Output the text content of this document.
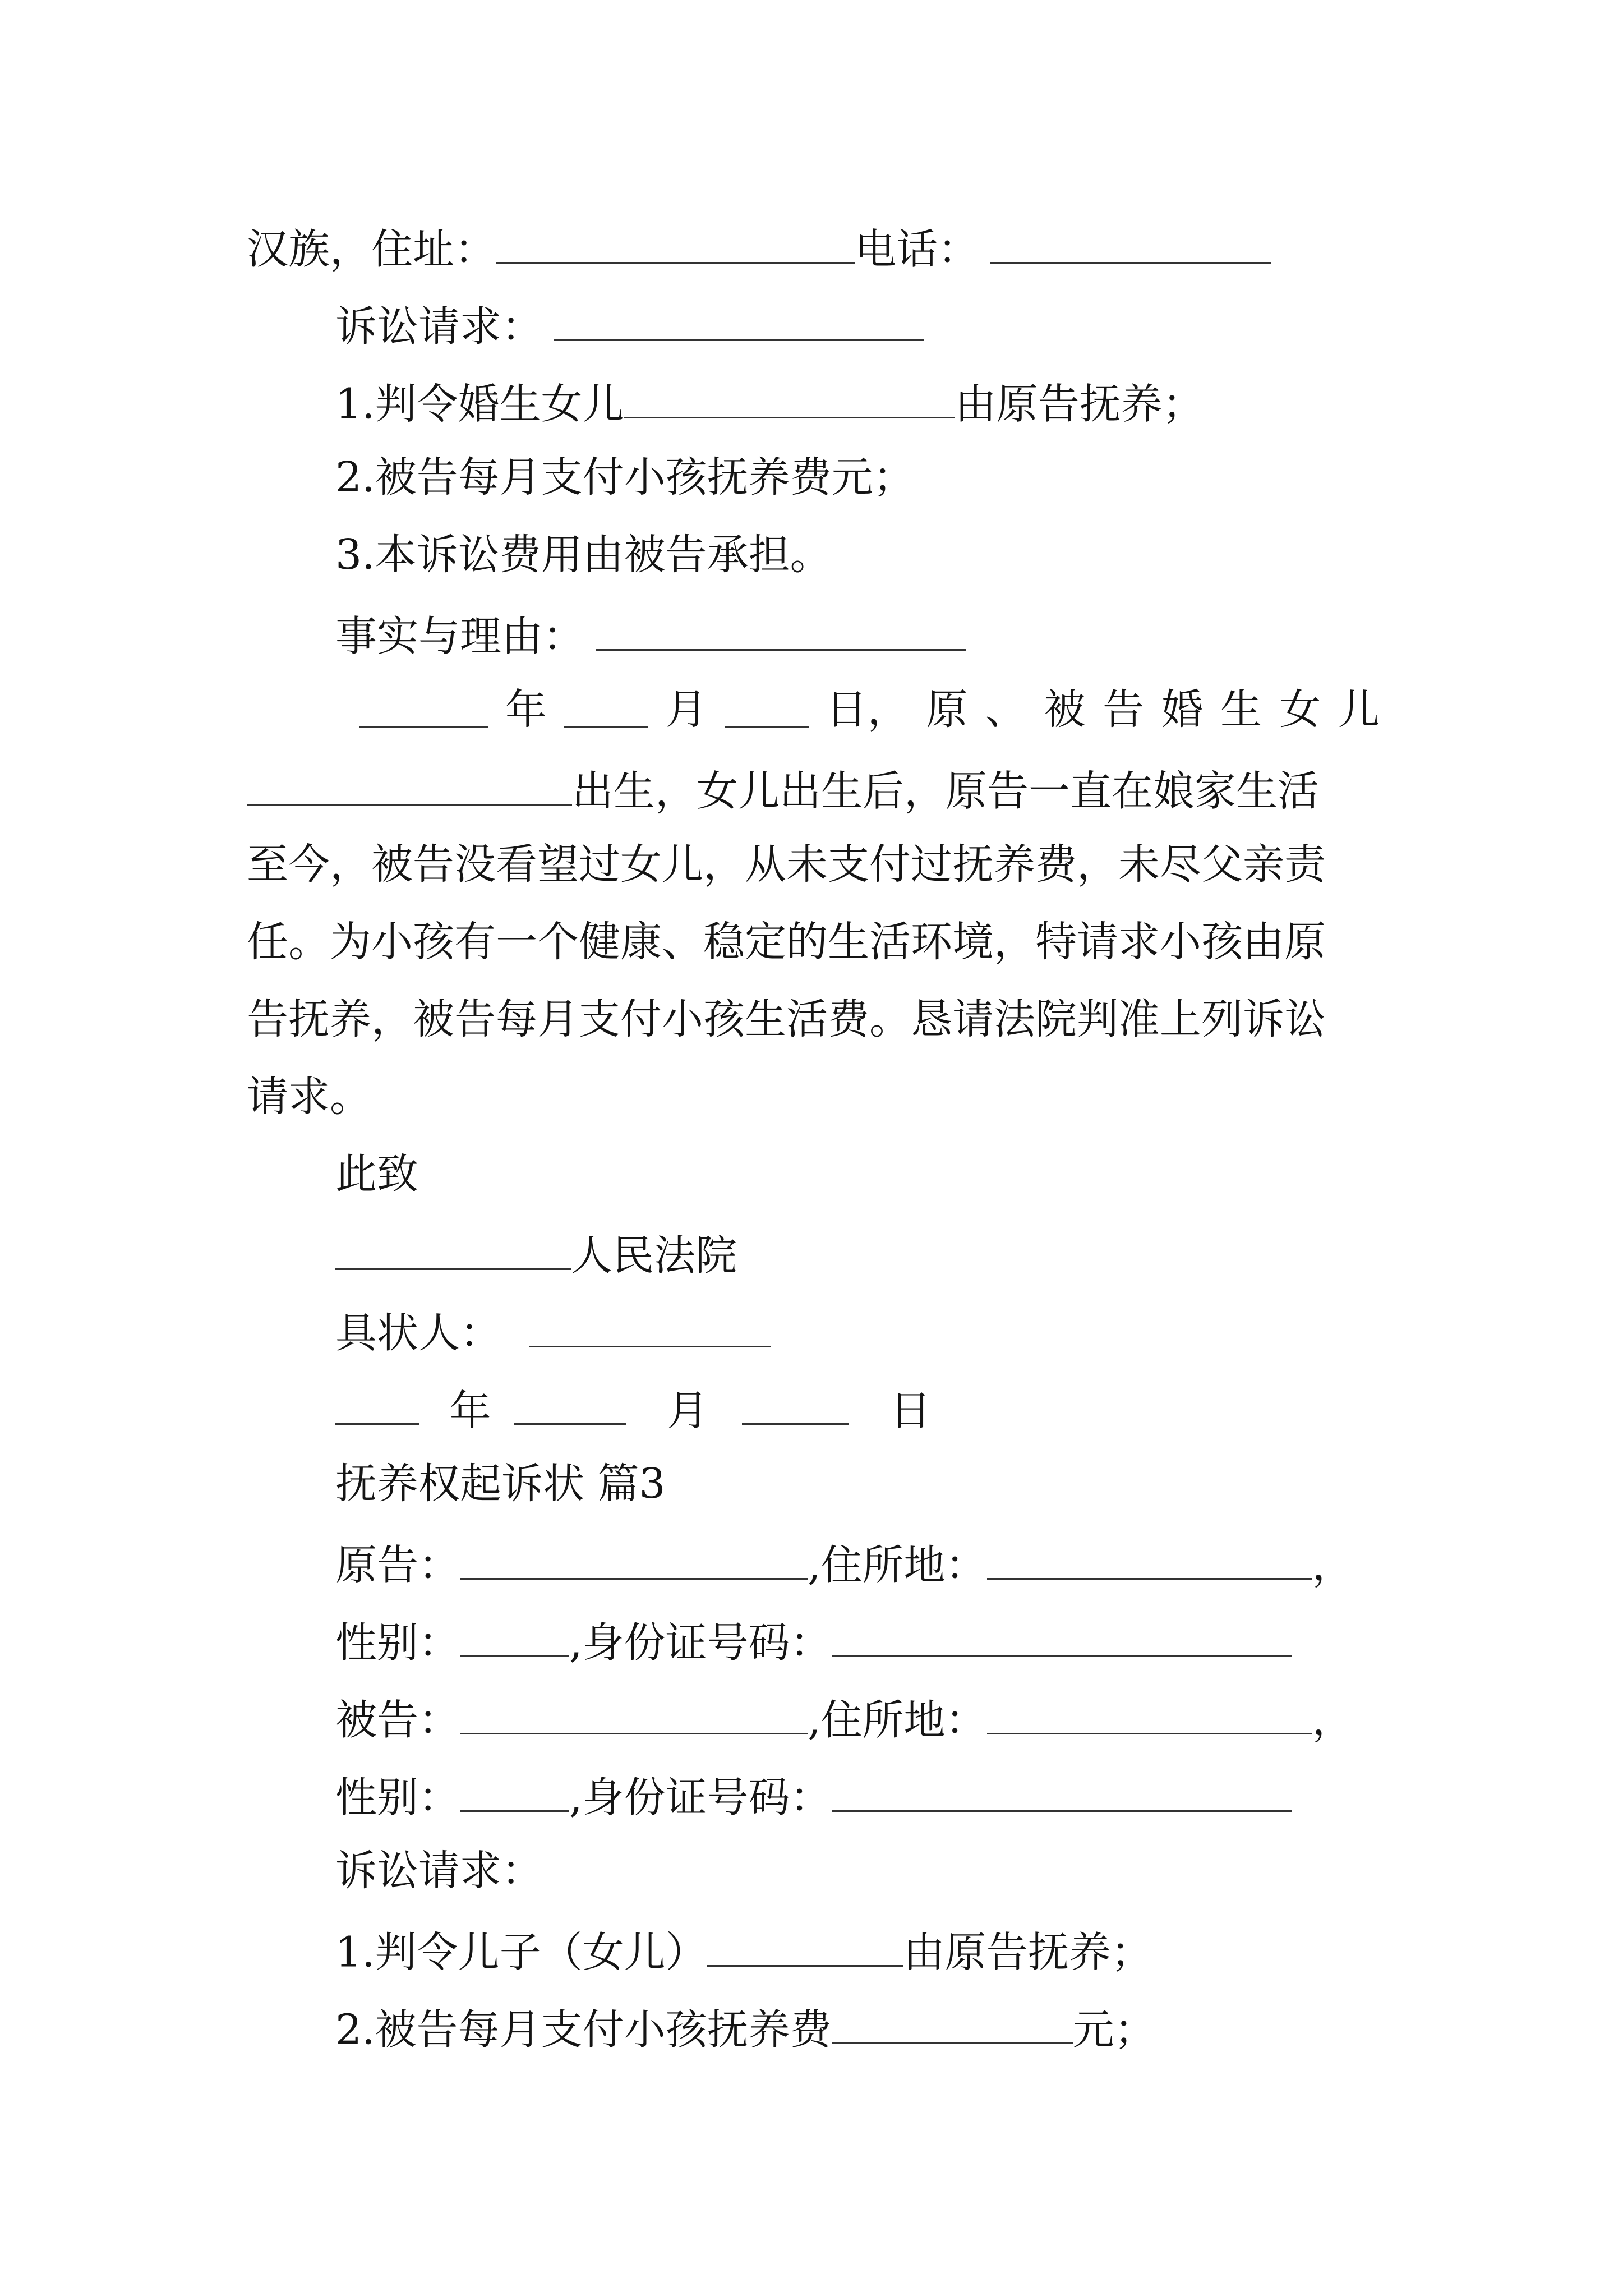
汉族，住址：	电话：
诉讼请求：
1.判令婚生女儿	由原告抚养；
2.被告每月支付小孩抚养费元；
3.本诉讼费用由被告承担。
事实与理由：
年	月	日， 原 、 被 告 婚 生 女 儿
出生，女儿出生后，原告一直在娘家生活
至今，被告没看望过女儿，从未支付过抚养费，未尽父亲责
任。为小孩有一个健康、稳定的生活环境，特请求小孩由原
告抚养，被告每月支付小孩生活费。恳请法院判准上列诉讼
请求。
此致
人民法院
具状人：
年	月	日
抚养权起诉状 篇3
原告：	,住所地：	，
性别：	,身份证号码：
被告：	,住所地：	，
性别：	,身份证号码：
诉讼请求：
1.判令儿子（女儿）	由原告抚养；
2.被告每月支付小孩抚养费	元；
